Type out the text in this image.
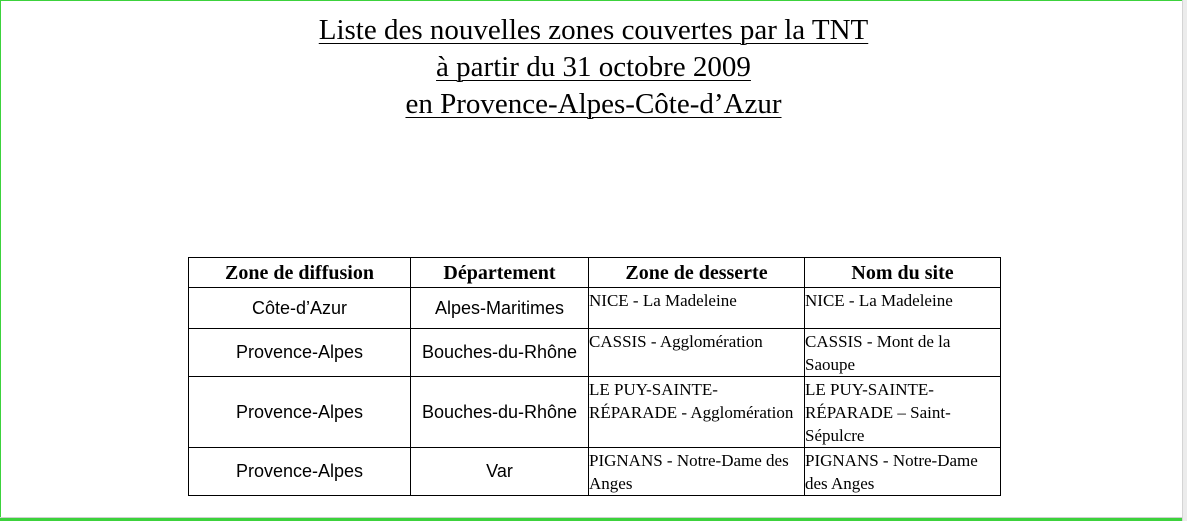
Liste des nouvelles zones couvertes par la TNT
à partir du 31 octobre 2009
en Provence-Alpes-Côte-d’Azur
Zone de diffusion	Département	Zone de desserte	Nom du site
Côte-d’Azur	Alpes-Maritimes	NICE - La Madeleine	NICE - La Madeleine

Provence-Alpes	Bouches-du-Rhône	CASSIS - Agglomération	CASSIS - Mont de la Saoupe

Provence-Alpes	Bouches-du-Rhône	LE PUY-SAINTE-RÉPARADE - Agglomération	LE PUY-SAINTE-RÉPARADE – Saint-Sépulcre

Provence-Alpes	Var	PIGNANS - Notre-Dame des Anges	PIGNANS - Notre-Dame des Anges
